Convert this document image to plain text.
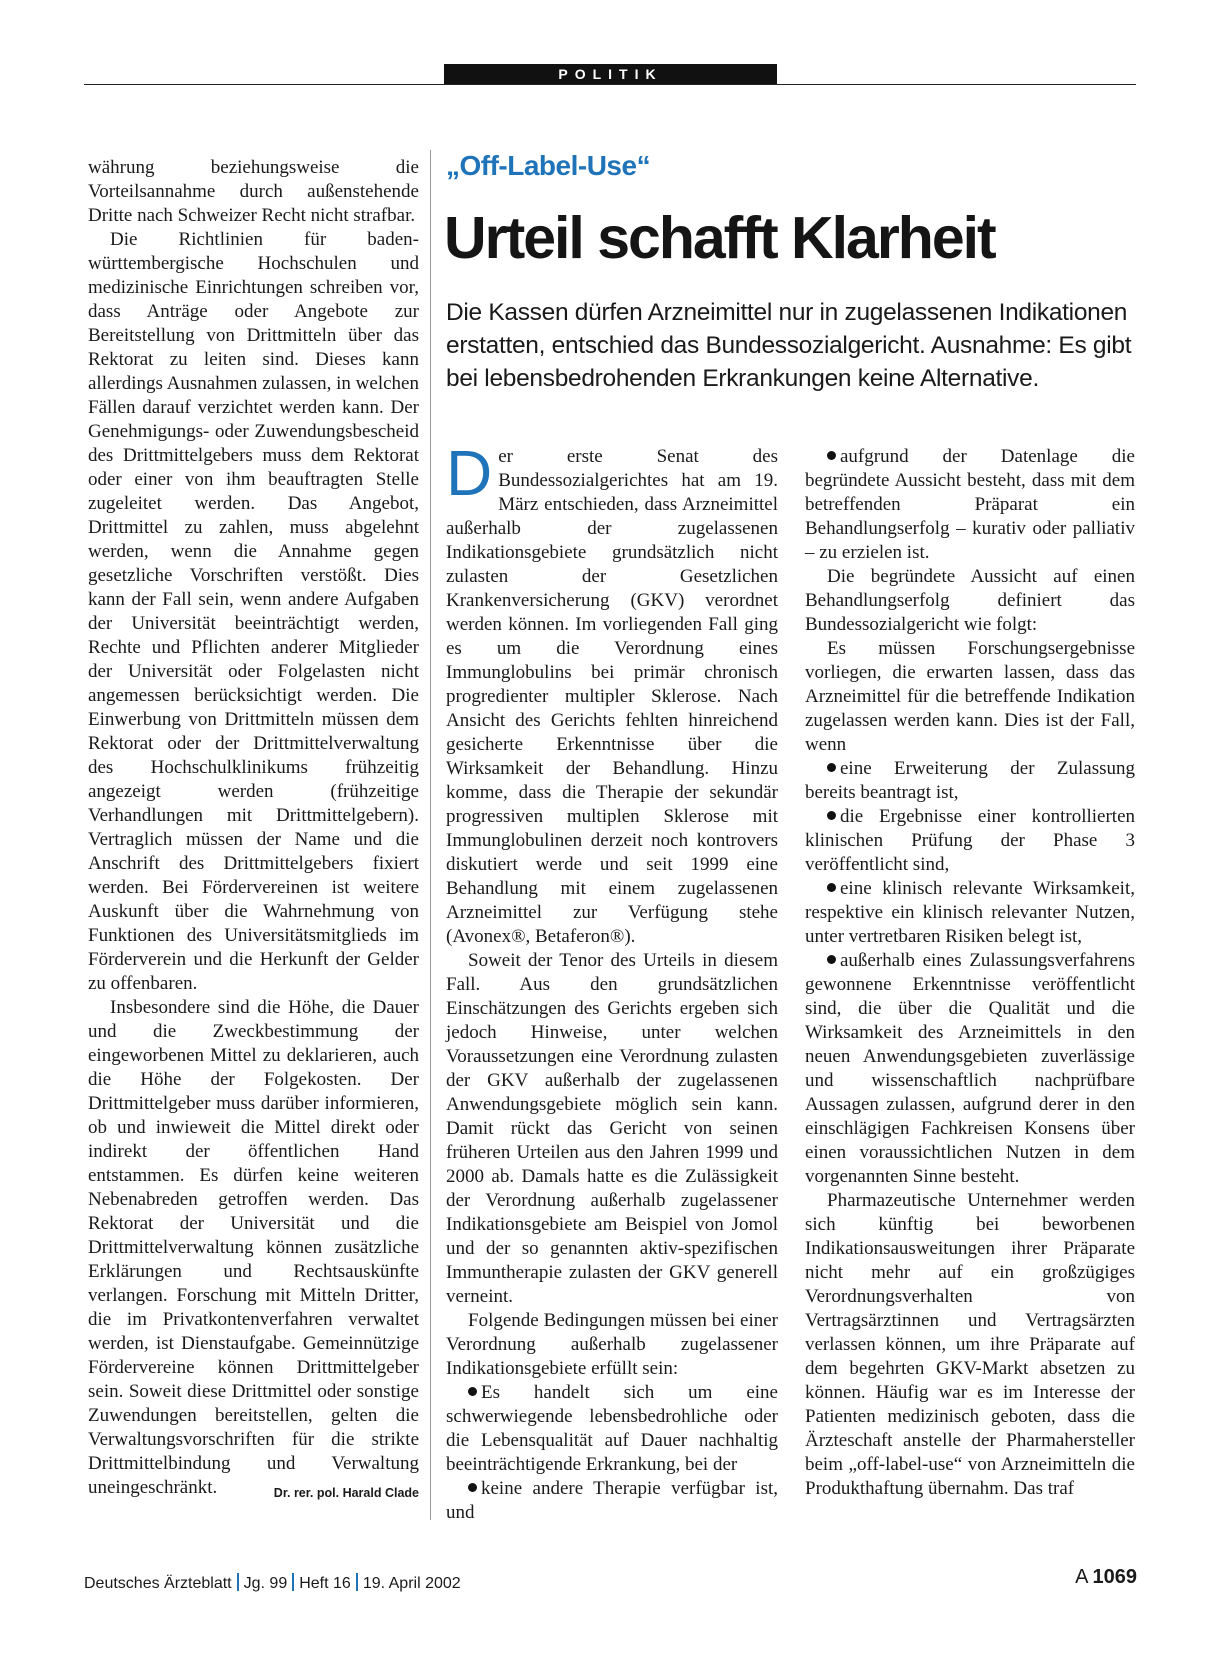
POLITIK

währung beziehungsweise die Vorteilsannahme durch außenstehende Dritte nach Schweizer Recht nicht strafbar.

Die Richtlinien für baden-württembergische Hochschulen und medizinische Einrichtungen schreiben vor, dass Anträge oder Angebote zur Bereitstellung von Drittmitteln über das Rektorat zu leiten sind. Dieses kann allerdings Ausnahmen zulassen, in welchen Fällen darauf verzichtet werden kann. Der Genehmigungs- oder Zuwendungsbescheid des Drittmittelgebers muss dem Rektorat oder einer von ihm beauftragten Stelle zugeleitet werden. Das Angebot, Drittmittel zu zahlen, muss abgelehnt werden, wenn die Annahme gegen gesetzliche Vorschriften verstößt. Dies kann der Fall sein, wenn andere Aufgaben der Universität beeinträchtigt werden, Rechte und Pflichten anderer Mitglieder der Universität oder Folgelasten nicht angemessen berücksichtigt werden. Die Einwerbung von Drittmitteln müssen dem Rektorat oder der Drittmittelverwaltung des Hochschulklinikums frühzeitig angezeigt werden (frühzeitige Verhandlungen mit Drittmittelgebern). Vertraglich müssen der Name und die Anschrift des Drittmittelgebers fixiert werden. Bei Fördervereinen ist weitere Auskunft über die Wahrnehmung von Funktionen des Universitätsmitglieds im Förderverein und die Herkunft der Gelder zu offenbaren.

Insbesondere sind die Höhe, die Dauer und die Zweckbestimmung der eingeworbenen Mittel zu deklarieren, auch die Höhe der Folgekosten. Der Drittmittelgeber muss darüber informieren, ob und inwieweit die Mittel direkt oder indirekt der öffentlichen Hand entstammen. Es dürfen keine weiteren Nebenabreden getroffen werden. Das Rektorat der Universität und die Drittmittelverwaltung können zusätzliche Erklärungen und Rechtsauskünfte verlangen. Forschung mit Mitteln Dritter, die im Privatkontenverfahren verwaltet werden, ist Dienstaufgabe. Gemeinnützige Fördervereine können Drittmittelgeber sein. Soweit diese Drittmittel oder sonstige Zuwendungen bereitstellen, gelten die Verwaltungsvorschriften für die strikte Drittmittelbindung und Verwaltung uneingeschränkt.	Dr. rer. pol. Harald Clade

„Off-Label-Use“
Urteil schafft Klarheit
Die Kassen dürfen Arzneimittel nur in zugelassenen Indikationen erstatten, entschied das Bundessozialgericht. Ausnahme: Es gibt bei lebensbedrohenden Erkrankungen keine Alternative.

Der erste Senat des Bundessozialgerichtes hat am 19. März entschieden, dass Arzneimittel außerhalb der zugelassenen Indikationsgebiete grundsätzlich nicht zulasten der Gesetzlichen Krankenversicherung (GKV) verordnet werden können. Im vorliegenden Fall ging es um die Verordnung eines Immunglobulins bei primär chronisch progredienter multipler Sklerose. Nach Ansicht des Gerichts fehlten hinreichend gesicherte Erkenntnisse über die Wirksamkeit der Behandlung. Hinzu komme, dass die Therapie der sekundär progressiven multiplen Sklerose mit Immunglobulinen derzeit noch kontrovers diskutiert werde und seit 1999 eine Behandlung mit einem zugelassenen Arzneimittel zur Verfügung stehe (Avonex®, Betaferon®).

Soweit der Tenor des Urteils in diesem Fall. Aus den grundsätzlichen Einschätzungen des Gerichts ergeben sich jedoch Hinweise, unter welchen Voraussetzungen eine Verordnung zulasten der GKV außerhalb der zugelassenen Anwendungsgebiete möglich sein kann. Damit rückt das Gericht von seinen früheren Urteilen aus den Jahren 1999 und 2000 ab. Damals hatte es die Zulässigkeit der Verordnung außerhalb zugelassener Indikationsgebiete am Beispiel von Jomol und der so genannten aktiv-spezifischen Immuntherapie zulasten der GKV generell verneint.

Folgende Bedingungen müssen bei einer Verordnung außerhalb zugelassener Indikationsgebiete erfüllt sein:

Es handelt sich um eine schwerwiegende lebensbedrohliche oder die Lebensqualität auf Dauer nachhaltig beeinträchtigende Erkrankung, bei der

keine andere Therapie verfügbar ist, und

aufgrund der Datenlage die begründete Aussicht besteht, dass mit dem betreffenden Präparat ein Behandlungserfolg – kurativ oder palliativ – zu erzielen ist.

Die begründete Aussicht auf einen Behandlungserfolg definiert das Bundessozialgericht wie folgt:

Es müssen Forschungsergebnisse vorliegen, die erwarten lassen, dass das Arzneimittel für die betreffende Indikation zugelassen werden kann. Dies ist der Fall, wenn

eine Erweiterung der Zulassung bereits beantragt ist,

die Ergebnisse einer kontrollierten klinischen Prüfung der Phase 3 veröffentlicht sind,

eine klinisch relevante Wirksamkeit, respektive ein klinisch relevanter Nutzen, unter vertretbaren Risiken belegt ist,

außerhalb eines Zulassungsverfahrens gewonnene Erkenntnisse veröffentlicht sind, die über die Qualität und die Wirksamkeit des Arzneimittels in den neuen Anwendungsgebieten zuverlässige und wissenschaftlich nachprüfbare Aussagen zulassen, aufgrund derer in den einschlägigen Fachkreisen Konsens über einen voraussichtlichen Nutzen in dem vorgenannten Sinne besteht.

Pharmazeutische Unternehmer werden sich künftig bei beworbenen Indikationsausweitungen ihrer Präparate nicht mehr auf ein großzügiges Verordnungsverhalten von Vertragsärztinnen und Vertragsärzten verlassen können, um ihre Präparate auf dem begehrten GKV-Markt absetzen zu können. Häufig war es im Interesse der Patienten medizinisch geboten, dass die Ärzteschaft anstelle der Pharmahersteller beim „off-label-use“ von Arzneimitteln die Produkthaftung übernahm. Das traf

Deutsches Ärzteblatt Jg. 99 Heft 16 19. April 2002	A 1069
